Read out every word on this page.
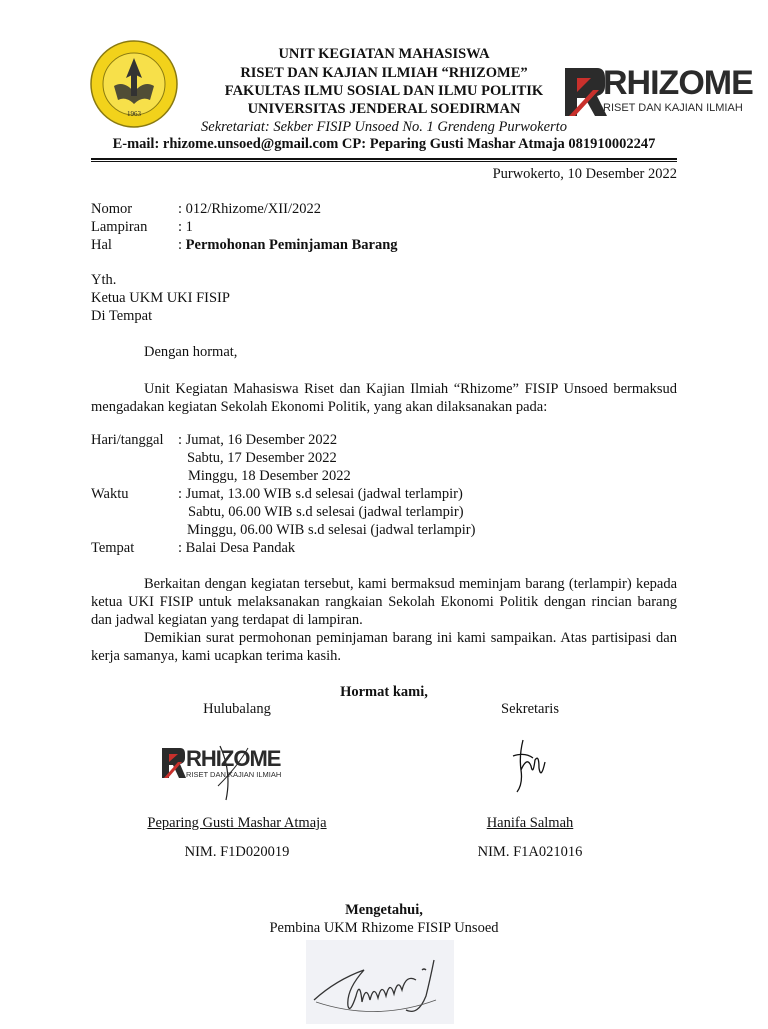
1963
UNIT KEGIATAN MAHASISWA
RISET DAN KAJIAN ILMIAH “RHIZOME”
FAKULTAS ILMU SOSIAL DAN ILMU POLITIK
UNIVERSITAS JENDERAL SOEDIRMAN
Sekretariat: Sekber FISIP Unsoed No. 1 Grendeng Purwokerto
E-mail: rhizome.unsoed@gmail.com CP: Peparing Gusti Mashar Atmaja 081910002247
RHIZOME
RISET DAN KAJIAN ILMIAH
Purwokerto, 10 Desember 2022
Nomor	: 012/Rhizome/XII/2022
Lampiran : 1
Hal	: Permohonan Peminjaman Barang
Yth.
Ketua UKM UKI FISIP
Di Tempat
Dengan hormat,
Unit Kegiatan Mahasiswa Riset dan Kajian Ilmiah “Rhizome” FISIP Unsoed bermaksud mengadakan kegiatan Sekolah Ekonomi Politik, yang akan dilaksanakan pada:
Hari/tanggal : Jumat, 16 Desember 2022
Sabtu, 17 Desember 2022
Minggu, 18 Desember 2022
Waktu	: Jumat, 13.00 WIB s.d selesai (jadwal terlampir)
Sabtu, 06.00 WIB s.d selesai (jadwal terlampir)
Minggu, 06.00 WIB s.d selesai (jadwal terlampir)
Tempat	: Balai Desa Pandak
Berkaitan dengan kegiatan tersebut, kami bermaksud meminjam barang (terlampir) kepada ketua UKI FISIP untuk melaksanakan rangkaian Sekolah Ekonomi Politik dengan rincian barang dan jadwal kegiatan yang terdapat di lampiran.
Demikian surat permohonan peminjaman barang ini kami sampaikan. Atas partisipasi dan kerja samanya, kami ucapkan terima kasih.
Hormat kami,
Hulubalang	Sekretaris
RHIZOME
RISET DAN KAJIAN ILMIAH
Peparing Gusti Mashar Atmaja	Hanifa Salmah
NIM. F1D020019	NIM. F1A021016
Mengetahui,
Pembina UKM Rhizome FISIP Unsoed
